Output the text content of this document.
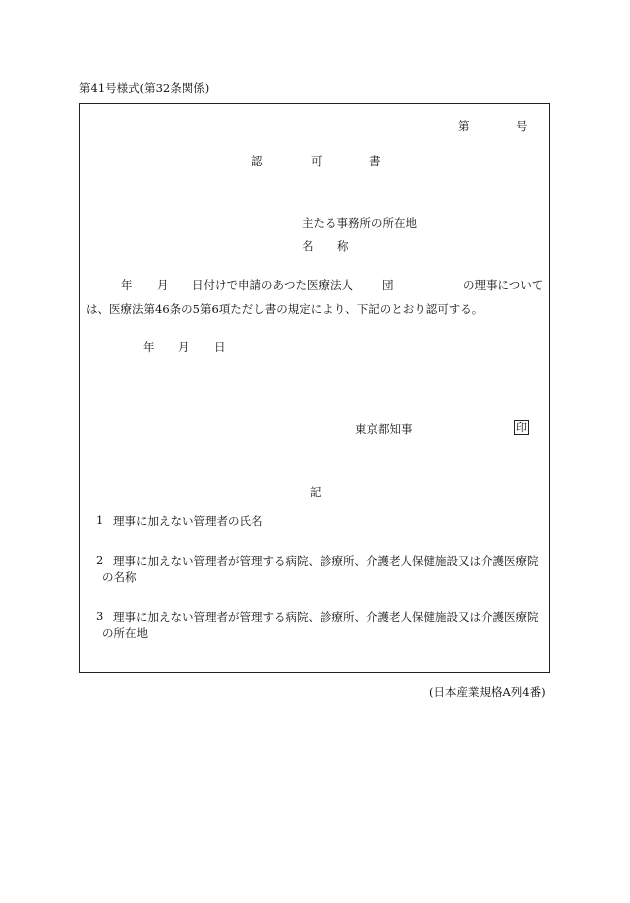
第41号様式(第32条関係)
第	号
認	可	書
主たる事務所の所在地
名 称
年 月 日付けで申請のあつた医療法人	団	の理事について
は、医療法第46条の5第6項ただし書の規定により、下記のとおり認可する。
年 月 日
東京都知事	印
記
1 理事に加えない管理者の氏名
2 理事に加えない管理者が管理する病院、診療所、介護老人保健施設又は介護医療院
の名称
3 理事に加えない管理者が管理する病院、診療所、介護老人保健施設又は介護医療院
の所在地
(日本産業規格A列4番)
